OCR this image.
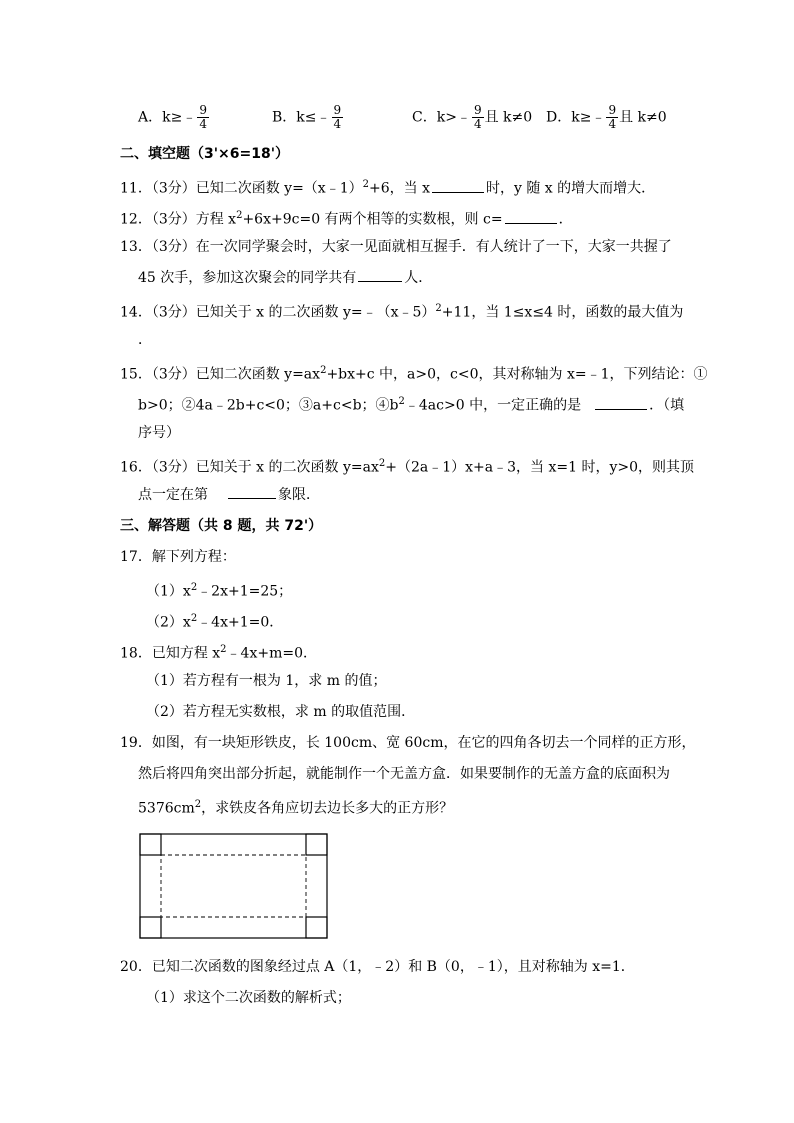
A．k≥﹣ $\frac{9}{4}$	B．k≤﹣ $\frac{9}{4}$	C．k>﹣ $\frac{9}{4}$ 且 k≠0 D．k≥﹣ $\frac{9}{4}$ 且 k≠0
二、填空题（3'×6=18'）
11．（3分）已知二次函数 y=（x﹣1）$^2$+6，当 x	时，y 随 x 的增大而增大．
12．（3分）方程 $x^2+6x+9c=0$ 有两个相等的实数根，则 c=	．
13．（3分）在一次同学聚会时，大家一见面就相互握手．有人统计了一下，大家一共握了
45 次手，参加这次聚会的同学共有	人．
14．（3分）已知关于 x 的二次函数 y=﹣（x﹣5）$^2$+11，当 1≤x≤4 时，函数的最大值为
．
15．（3分）已知二次函数 $y=ax^2+bx+c$ 中，a>0，c<0，其对称轴为 x=﹣1，下列结论：①
b>0；②4a﹣2b+c<0；③a+c<b；$④b^2﹣4ac>0$ 中，一定正确的是	．（填
序号）
16．（3分）已知关于 x 的二次函数 $y=ax^2+(2a﹣1)x+a﹣3$，当 x=1 时，y>0，则其顶
点一定在第	象限．
三、解答题（共 8 题，共 72'）
17．解下列方程：
$(1)x^2﹣2x+1=25$；
$(2)x^2﹣4x+1=0$．
18．已知方程 $x^2﹣4x+m=0$．
（1）若方程有一根为 1，求 m 的值；
（2）若方程无实数根，求 m 的取值范围．
19．如图，有一块矩形铁皮，长 100cm、宽 60cm，在它的四角各切去一个同样的正方形，
然后将四角突出部分折起，就能制作一个无盖方盒．如果要制作的无盖方盒的底面积为
$5376cm^2$，求铁皮各角应切去边长多大的正方形？
20．已知二次函数的图象经过点 A（1，﹣2）和 B（0，﹣1），且对称轴为 x=1．
（1）求这个二次函数的解析式；
